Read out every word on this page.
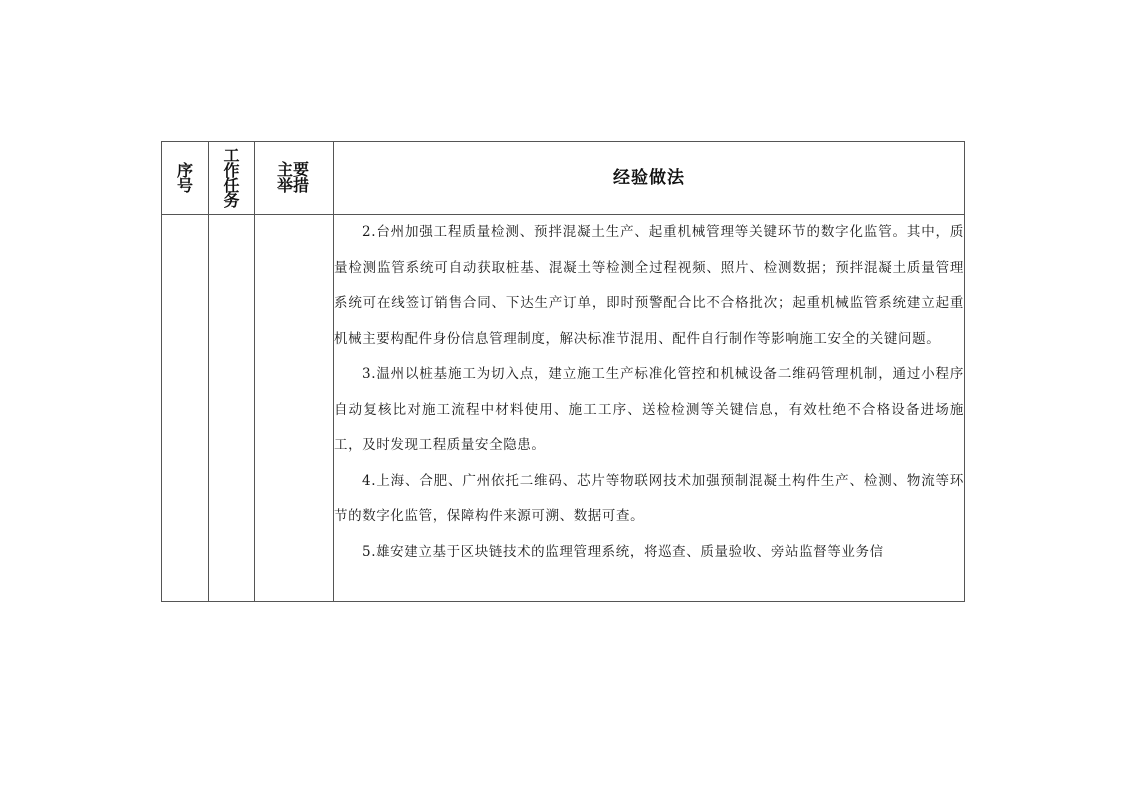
序号	工作任务	主要举措	经验做法

			2.台州加强工程质量检测、预拌混凝土生产、起重机械管理等关键环节的数字化监管。其中，质量检测监管系统可自动获取桩基、混凝土等检测全过程视频、照片、检测数据；预拌混凝土质量管理系统可在线签订销售合同、下达生产订单，即时预警配合比不合格批次；起重机械监管系统建立起重机械主要构配件身份信息管理制度，解决标准节混用、配件自行制作等影响施工安全的关键问题。

3.温州以桩基施工为切入点，建立施工生产标准化管控和机械设备二维码管理机制，通过小程序自动复核比对施工流程中材料使用、施工工序、送检检测等关键信息，有效杜绝不合格设备进场施工，及时发现工程质量安全隐患。

4.上海、合肥、广州依托二维码、芯片等物联网技术加强预制混凝土构件生产、检测、物流等环节的数字化监管，保障构件来源可溯、数据可查。

5.雄安建立基于区块链技术的监理管理系统，将巡查、质量验收、旁站监督等业务信
